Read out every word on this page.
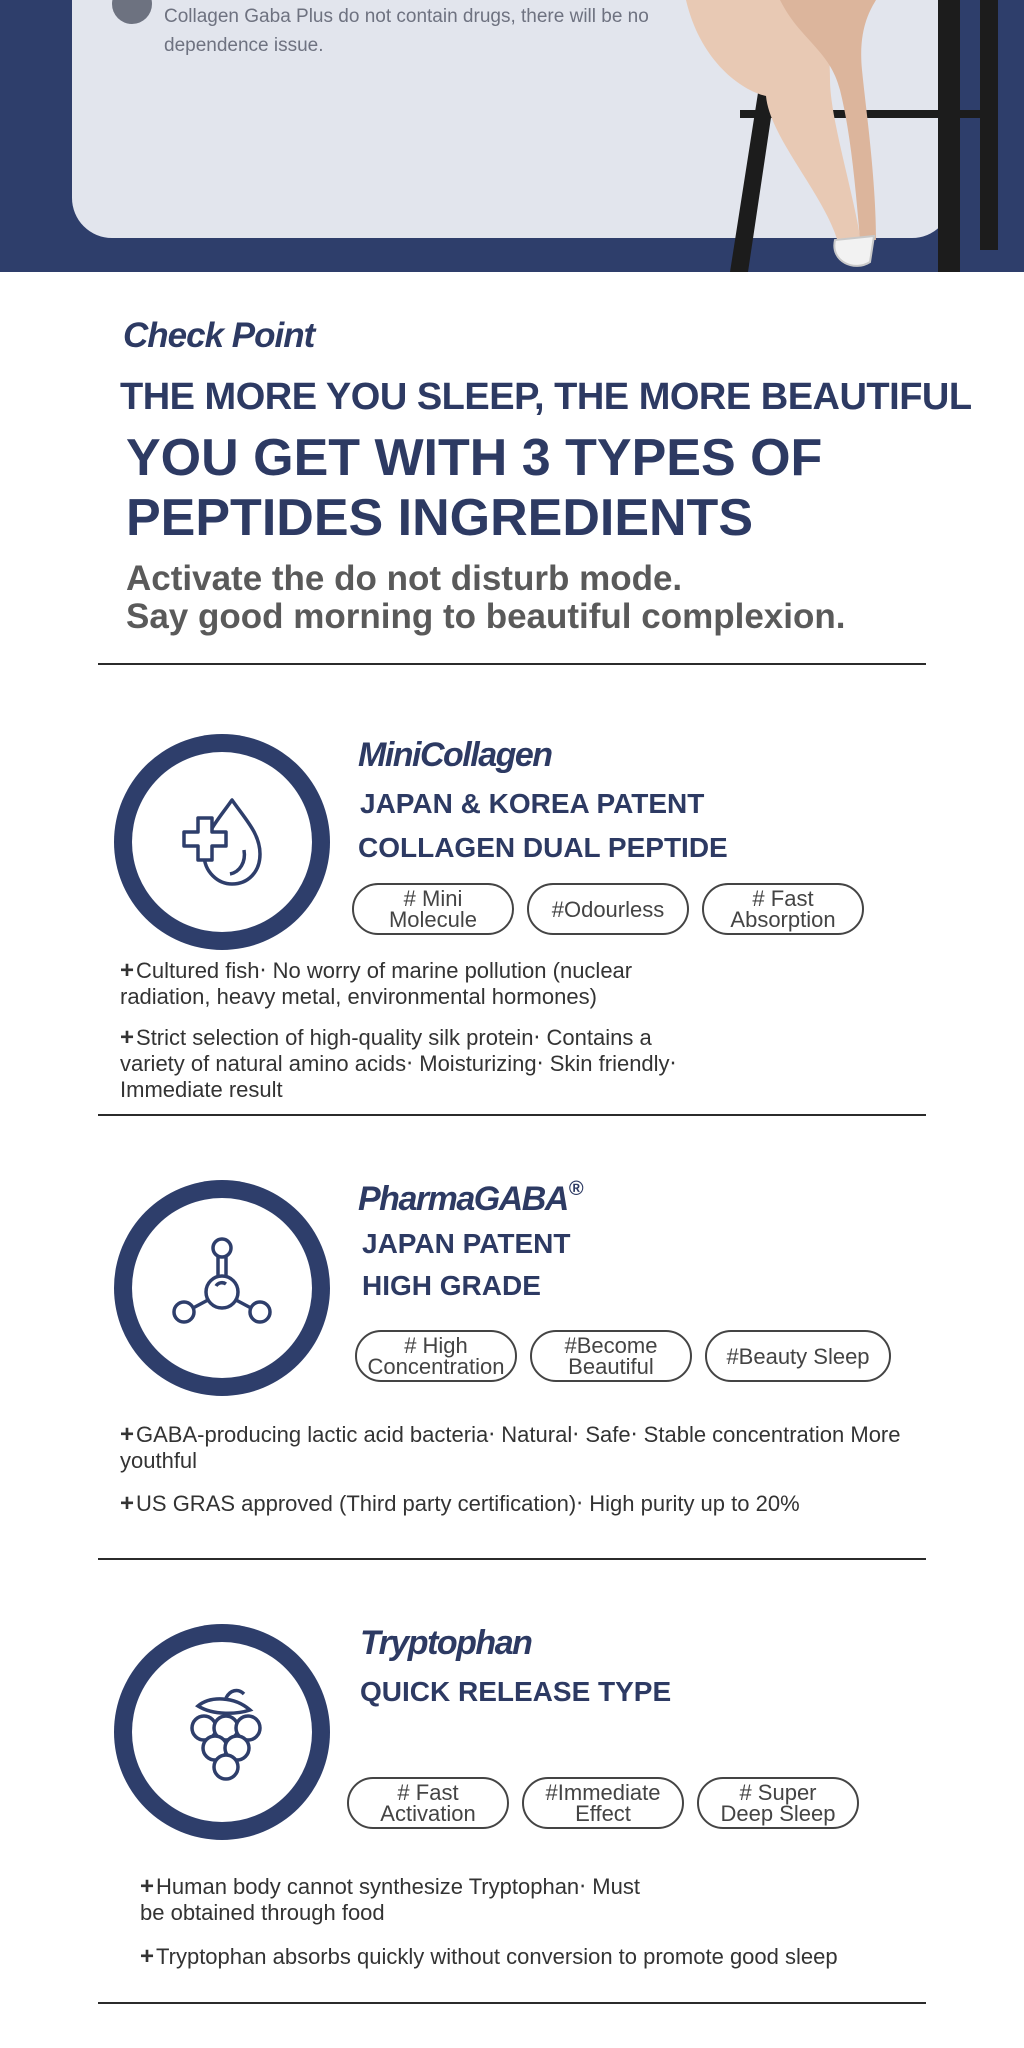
Collagen Gaba Plus do not contain drugs, there will be no dependence issue.
Check Point
THE MORE YOU SLEEP, THE MORE BEAUTIFUL
YOU GET WITH 3 TYPES OF PEPTIDES INGREDIENTS
Activate the do not disturb mode.
Say good morning to beautiful complexion.
MiniCollagen
JAPAN & KOREA PATENT
COLLAGEN DUAL PEPTIDE
# Mini
Molecule	#Odourless	# Fast
Absorption
+Cultured fish‧ No worry of marine pollution (nuclear radiation, heavy metal, environmental hormones)
+Strict selection of high-quality silk protein‧ Contains a variety of natural amino acids‧ Moisturizing‧ Skin friendly‧ Immediate result
PharmaGABA®
JAPAN PATENT
HIGH GRADE
# High
Concentration
#Become
Beautiful	#Beauty Sleep
+GABA-producing lactic acid bacteria‧ Natural‧ Safe‧ Stable concentration More youthful
+US GRAS approved (Third party certification)‧ High purity up to 20%
Tryptophan
QUICK RELEASE TYPE
# Fast
Activation
#Immediate
Effect
# Super
Deep Sleep
+Human body cannot synthesize Tryptophan‧ Must be obtained through food
+Tryptophan absorbs quickly without conversion to promote good sleep
